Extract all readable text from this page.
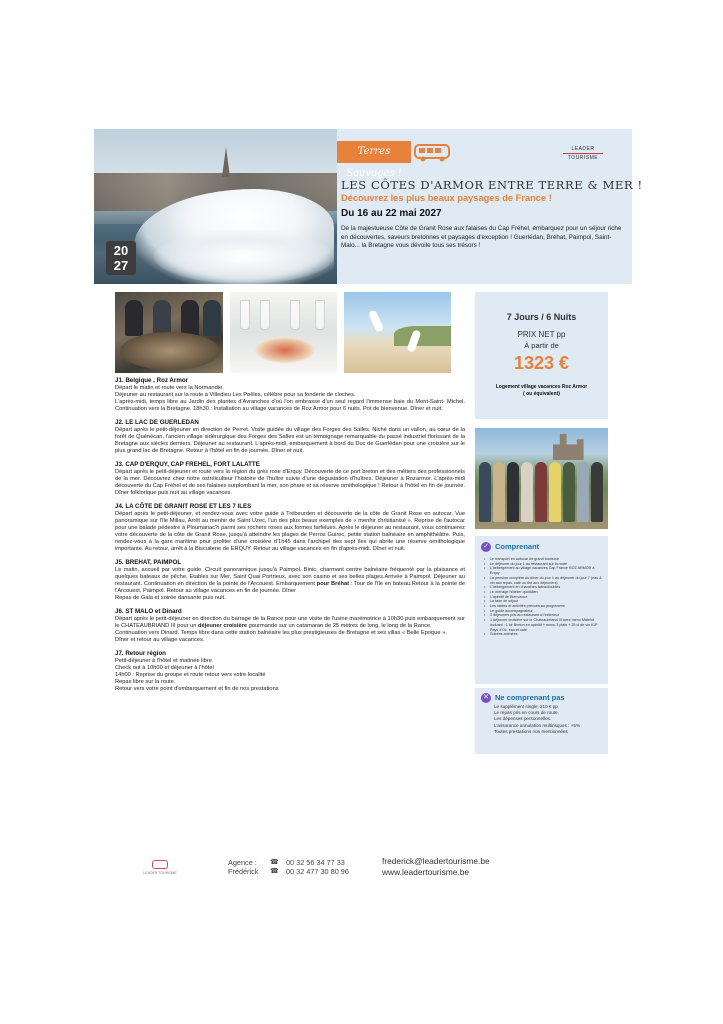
20
27
Terres Sauvages !
LEADER
TOURISME
LES CÔTES D'ARMOR ENTRE TERRE & MER !
Découvrez les plus beaux paysages de France !
Du 16 au 22 mai 2027
De la majestueuse Côte de Granit Rose aux falaises du Cap Fréhel, embarquez pour un séjour riche en découvertes, saveurs bretonnes et paysages d'exception ! Guerlédan, Bréhat, Paimpol, Saint-Malo... la Bretagne vous dévoile tous ses trésors !
7 Jours / 6 Nuits
PRIX NET pp
À partir de
1323 €
Logement village vacances Roz Armor
( ou équivalent)
✓ Comprenant
• Le transport en autocar de grand tourisme
• Le déjeuner du jour 1 au restaurant sur la route
• L'hébergement au village vacances Cap France ROZ ARMOR à Erquy
• La pension complète du dîner du jour 1 au déjeuner du jour 7 (eau & vin aux repas, café ou thé aux déjeuners)
• L'hébergement en chambres twins/doubles
• Le ménage hôtelier quotidien
• L'apéritif de Bienvenue
• La taxe de séjour
• Les visites et activités prévues au programme
• Le guide accompagnateur
• 3 déjeuners pris au restaurant à l'extérieur
• 1 déjeuner croisière sur le Chateaubriand III avec menu Matelot incluant : 1 kir Breton en apéritif + menu 3 plats + 25 cl de vin IGP Pays d'Oc, eau et café
• Soirées animées
✕ Ne comprenant pas
Le supplément single: 210 € pp
Le repas pris en cours de route.
Les dépenses personnelles.
L'assurance annulation multirisques : +5%
Toutes prestations non mentionnées
J1. Belgique , Roz Armor
Départ le matin et route vers la Normandie.
Déjeuner au restaurant sur la route à Villedieu Les Poêles, célèbre pour sa fonderie de cloches.
L'après-midi, temps libre au Jardin des plantes d'Avranches d'où l'on embrasse d'un seul regard l'immense baie du Mont-Saint- Michel. Continuation vers la Bretagne. 18h30 : Installation au village vacances de Roz Armor pour 6 nuits. Pot de bienvenue. Dîner et nuit.
J2. LE LAC DE GUERLEDAN
Départ après le petit-déjeuner en direction de Perret. Visite guidée du village des Forges des Salles. Niché dans un vallon, au cœur de la forêt de Quénécan, l'ancien village sidérurgique des Forges des Salles est un témoignage remarquable du passé industriel florissant de la Bretagne aux siècles derniers. Déjeuner au restaurant. L'après-midi, embarquement à bord du Duc de Guerlédan pour une croisière sur le plus grand lac de Bretagne. Retour à l'hôtel en fin de journée. Dîner et nuit.
J3. CAP D'ERQUY, CAP FREHEL, FORT LALATTE
Départ après le petit-déjeuner et route vers la région du grès rose d'Erquy. Découverte de ce port breton et des métiers des professionnels de la mer. Découvrez chez notre ostréiculteur l'histoire de l'huître suivie d'une dégustation d'huîtres. Déjeuner à Rozarmor. L'après-midi découverte du Cap Fréhel et de ses falaises surplombant la mer, son phare et sa réserve ornithologique ! Retour à l'hôtel en fin de journée. Dîner folklorique puis nuit au village vacances.
J4. LA CÔTE DE GRANIT ROSE ET LES 7 ILES
Départ après le petit-déjeuner, et rendez-vous avec votre guide à Trébeurden et découverte de la côte de Granit Rose en autocar. Vue panoramique sur l'île Millau, Arrêt au menhir de Saint Uzec, l'un des plus beaux exemples de « menhir christianisé ». Reprise de l'autocar pour une balade pédestre à Ploumanac'h parmi ses rochers roses aux formes farfelues. Après le déjeuner au restaurant, vous continuerez votre découverte de la côte de Granit Rose, jusqu'à atteindre les plages de Perros Guirec, petite station balnéaire en amphithéâtre. Puis, rendez-vous à la gare maritime pour profiter d'une croisière d'1h45 dans l'archipel des sept îles qui abrite une réserve ornithologique importante. Au retour, arrêt à la Biscuiterie de ERQUY. Retour au village vacances en fin d'après-midi. Dîner et nuit.
J5. BREHAT, PAIMPOL
Le matin, accueil par votre guide. Circuit panoramique jusqu'à Paimpol. Binic, charmant centre balnéaire fréquenté par la plaisance et quelques bateaux de pêche. Etables sur Mer, Saint Quai Portrieux, avec son casino et ses belles plages.Arrivée à Paimpol. Déjeuner au restaurant. Continuation en direction de la pointe de l'Arcouest. Embarquement pour Bréhat : Tour de l'île en bateau.Retour à la pointe de l'Arcouest, Paimpol. Retour au village vacances en fin de journée. Dîner
Repas de Gala et soirée dansante puis nuit.
J6. ST MALO et Dinard
Départ après le petit-déjeuner en direction du barrage de la Rance pour une visite de l'usine marémotrice à 10h30 puis embarquement sur le CHATEAUBRIAND III pour un déjeuner croisière gourmande sur un catamaran de 25 mètres de long, le long de la Rance.
Continuation vers Dinard. Temps libre dans cette station balnéaire les plus prestigieuses de Bretagne et ses villas « Belle Epoque ».
Dîner et retour au village vacances.
J7. Retour région
Petit-déjeuner à l'hôtel et matinée libre
Check out à 10h00 et déjeuner à l'hôtel
14h00 : Reprise du groupe et route retour vers votre localité
Repas libre sur la route.
Retour vers votre point d'embarquement et fin de nos prestations
LEADER TOURISME
Agence :
Frédérick
☎
☎
00 32 56 34 77 33
00 32 477 30 80 96
frederick@leadertourisme.be
www.leadertourisme.be
